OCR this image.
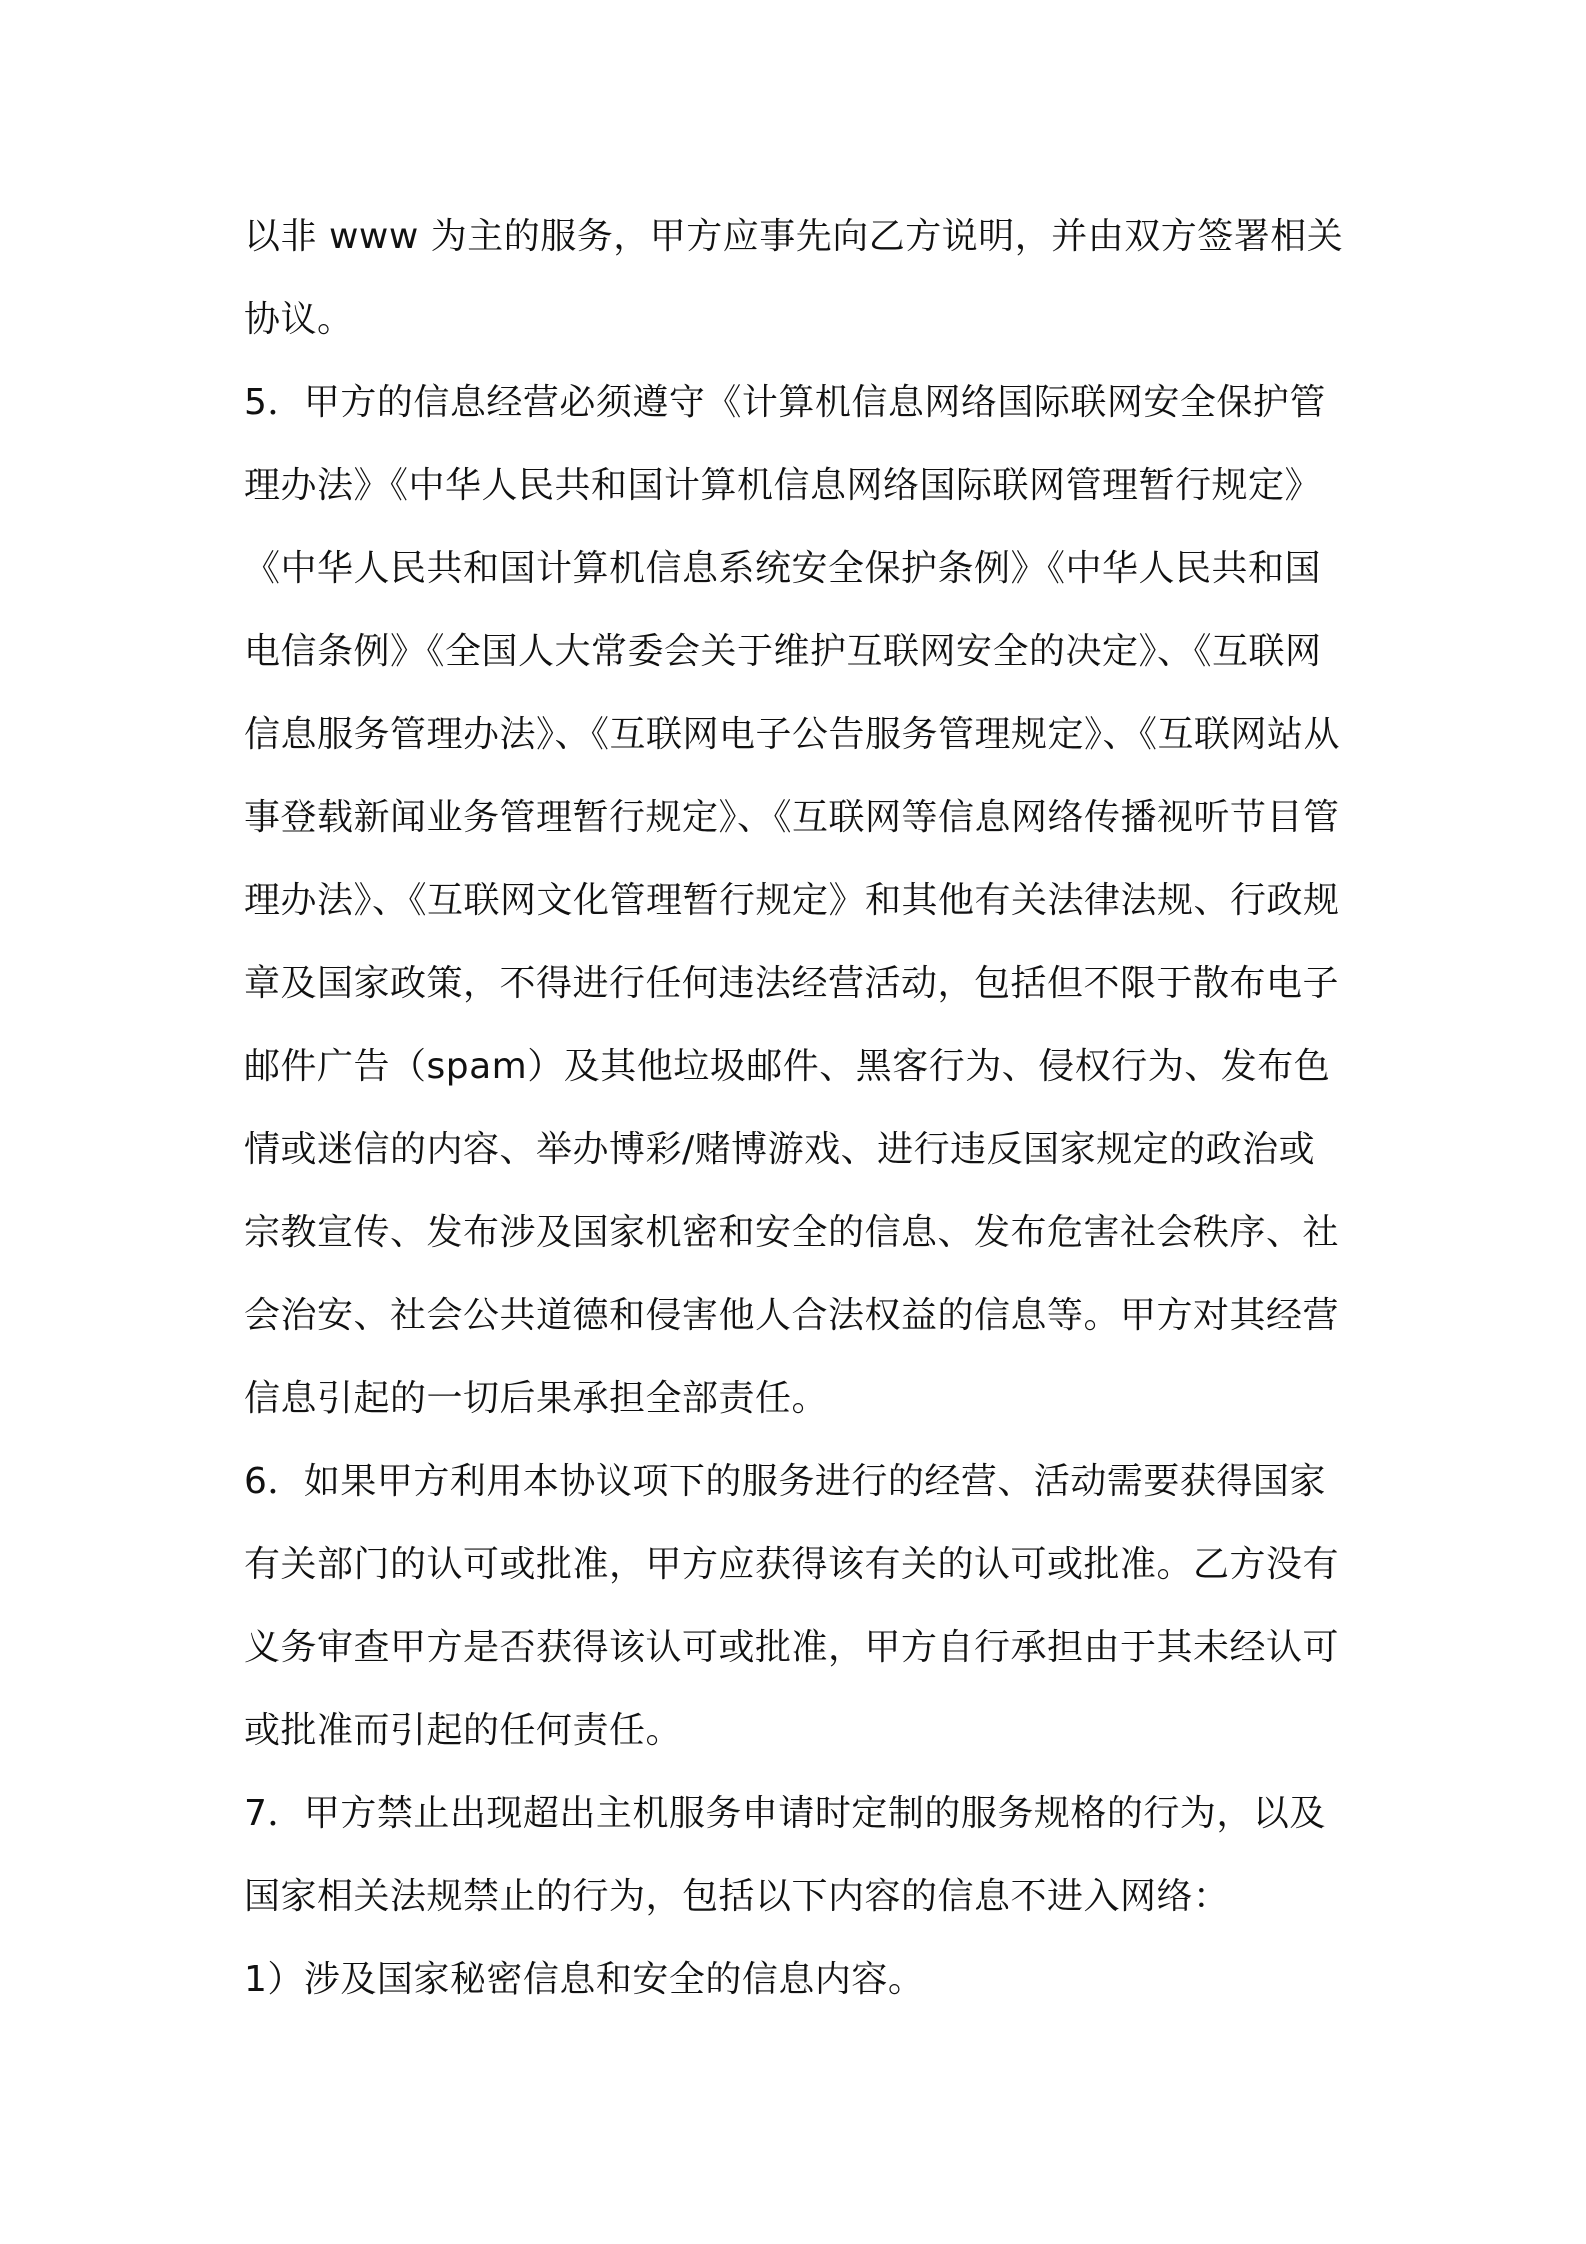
以非 www 为主的服务，甲方应事先向乙方说明，并由双方签署相关
协议。
5．甲方的信息经营必须遵守《计算机信息网络国际联网安全保护管
理办法》《中华人民共和国计算机信息网络国际联网管理暂行规定》
《中华人民共和国计算机信息系统安全保护条例》《中华人民共和国
电信条例》《全国人大常委会关于维护互联网安全的决定》、《互联网
信息服务管理办法》、《互联网电子公告服务管理规定》、《互联网站从
事登载新闻业务管理暂行规定》、《互联网等信息网络传播视听节目管
理办法》、《互联网文化管理暂行规定》和其他有关法律法规、行政规
章及国家政策，不得进行任何违法经营活动，包括但不限于散布电子
邮件广告（spam）及其他垃圾邮件、黑客行为、侵权行为、发布色
情或迷信的内容、举办博彩/赌博游戏、进行违反国家规定的政治或
宗教宣传、发布涉及国家机密和安全的信息、发布危害社会秩序、社
会治安、社会公共道德和侵害他人合法权益的信息等。甲方对其经营
信息引起的一切后果承担全部责任。
6．如果甲方利用本协议项下的服务进行的经营、活动需要获得国家
有关部门的认可或批准，甲方应获得该有关的认可或批准。乙方没有
义务审查甲方是否获得该认可或批准，甲方自行承担由于其未经认可
或批准而引起的任何责任。
7．甲方禁止出现超出主机服务申请时定制的服务规格的行为，以及
国家相关法规禁止的行为，包括以下内容的信息不进入网络：
1）涉及国家秘密信息和安全的信息内容。
